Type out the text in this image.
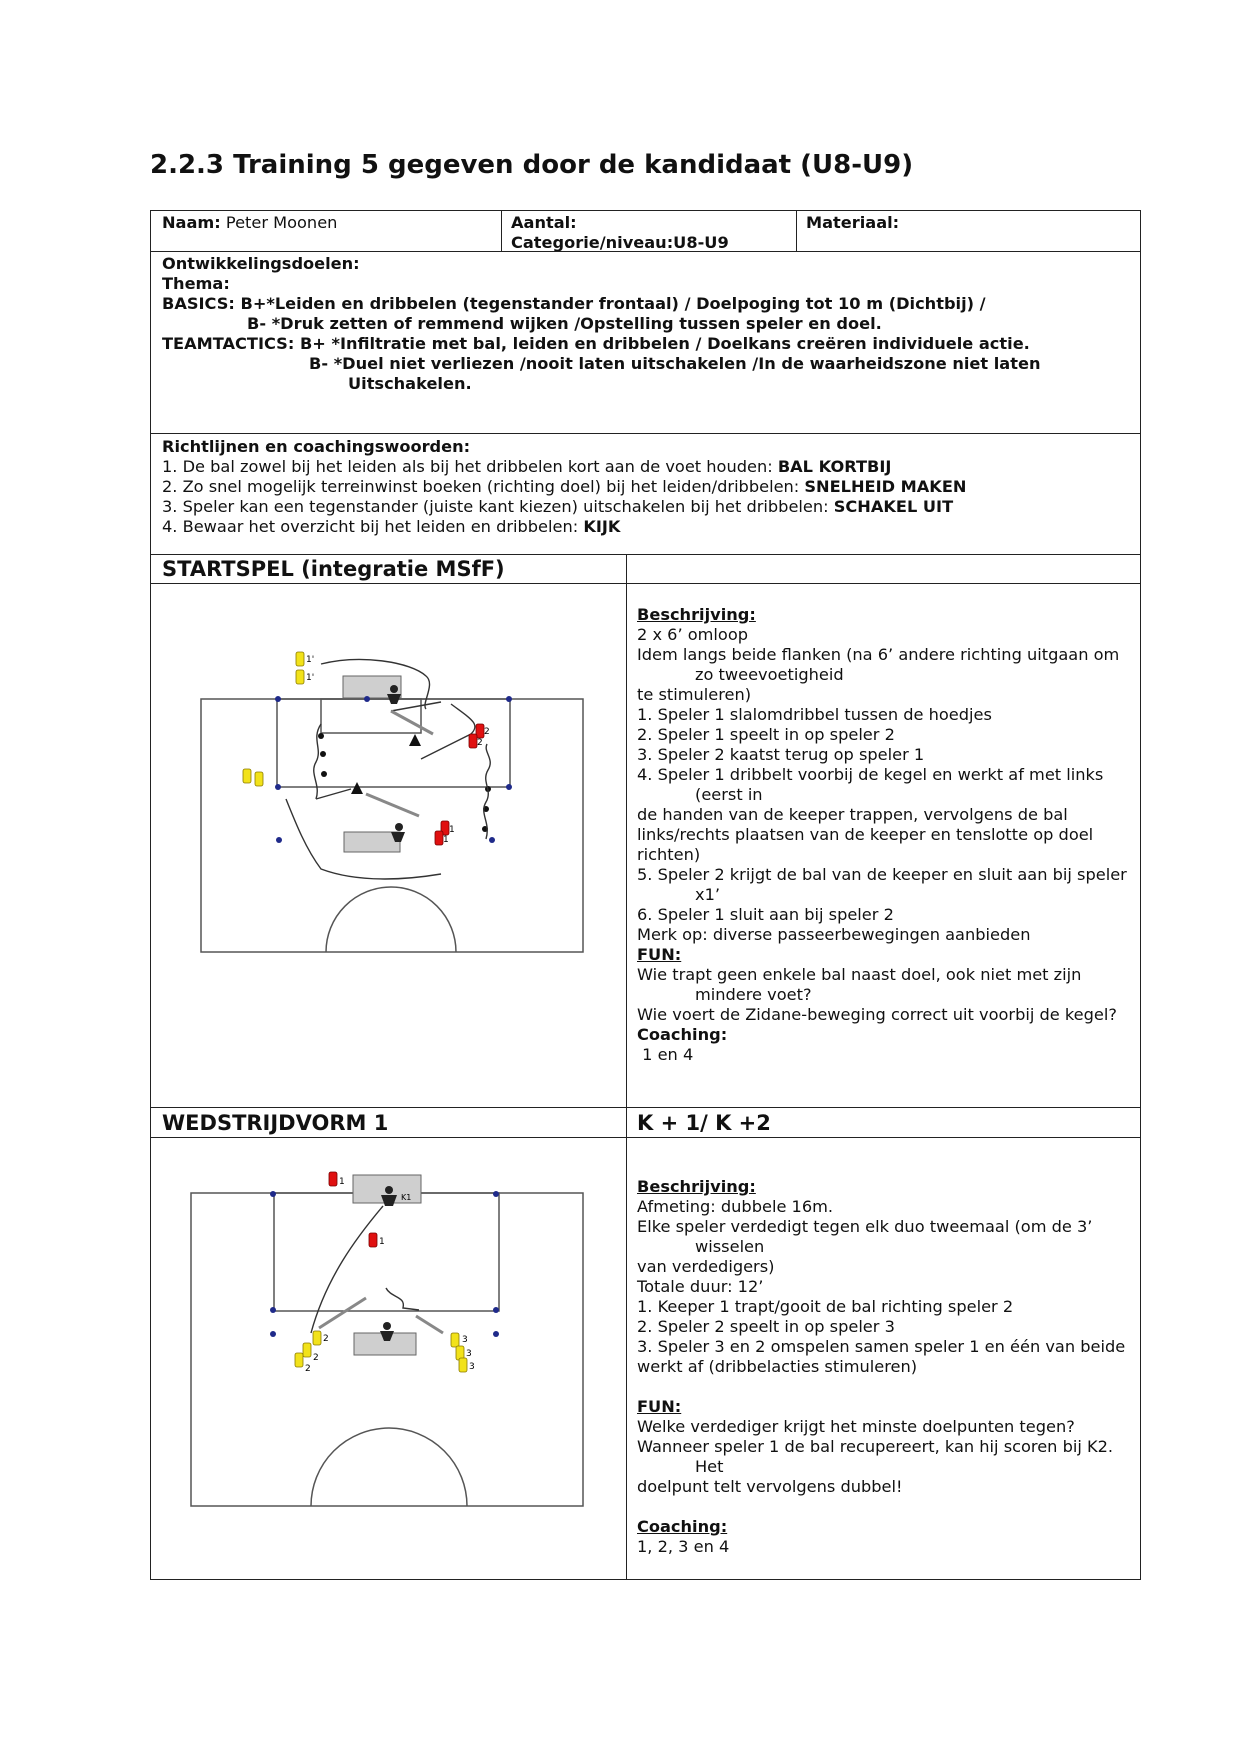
2.2.3 Training 5 gegeven door de kandidaat (U8-U9)
Naam: Peter Moonen	Aantal:

Categorie/niveau:U8-U9

Materiaal:

Ontwikkelingsdoelen:

Thema:

BASICS: B+*Leiden en dribbelen (tegenstander frontaal) / Doelpoging tot 10 m (Dichtbij) /

B- *Druk zetten of remmend wijken /Opstelling tussen speler en doel.

TEAMTACTICS: B+ *Infiltratie met bal, leiden en dribbelen / Doelkans creëren individuele actie.

B- *Duel niet verliezen /nooit laten uitschakelen /In de waarheidszone niet laten

Uitschakelen.

Richtlijnen en coachingswoorden:

1. De bal zowel bij het leiden als bij het dribbelen kort aan de voet houden: BAL KORTBIJ

2. Zo snel mogelijk terreinwinst boeken (richting doel) bij het leiden/dribbelen: SNELHEID MAKEN

3. Speler kan een tegenstander (juiste kant kiezen) uitschakelen bij het dribbelen: SCHAKEL UIT

4. Bewaar het overzicht bij het leiden en dribbelen: KIJK

STARTSPEL (integratie MSfF)
1'
1'
2
2
1
1

Beschrijving:

2 x 6’ omloop

Idem langs beide flanken (na 6’ andere richting uitgaan om

zo tweevoetigheid

te stimuleren)

1. Speler 1 slalomdribbel tussen de hoedjes

2. Speler 1 speelt in op speler 2

3. Speler 2 kaatst terug op speler 1

4. Speler 1 dribbelt voorbij de kegel en werkt af met links

(eerst in

de handen van de keeper trappen, vervolgens de bal

links/rechts plaatsen van de keeper en tenslotte op doel

richten)

5. Speler 2 krijgt de bal van de keeper en sluit aan bij speler

x1’

6. Speler 1 sluit aan bij speler 2

Merk op: diverse passeerbewegingen aanbieden

FUN:

Wie trapt geen enkele bal naast doel, ook niet met zijn

mindere voet?

Wie voert de Zidane-beweging correct uit voorbij de kegel?

Coaching:

1 en 4

WEDSTRIJDVORM 1	K + 1/ K +2
1
1
K1
2
2
2
3
3
3

Beschrijving:

Afmeting: dubbele 16m.

Elke speler verdedigt tegen elk duo tweemaal (om de 3’

wisselen

van verdedigers)

Totale duur: 12’

1. Keeper 1 trapt/gooit de bal richting speler 2

2. Speler 2 speelt in op speler 3

3. Speler 3 en 2 omspelen samen speler 1 en één van beide

werkt af (dribbelacties stimuleren)

FUN:

Welke verdediger krijgt het minste doelpunten tegen?

Wanneer speler 1 de bal recupereert, kan hij scoren bij K2.

Het

doelpunt telt vervolgens dubbel!

Coaching:

1, 2, 3 en 4
